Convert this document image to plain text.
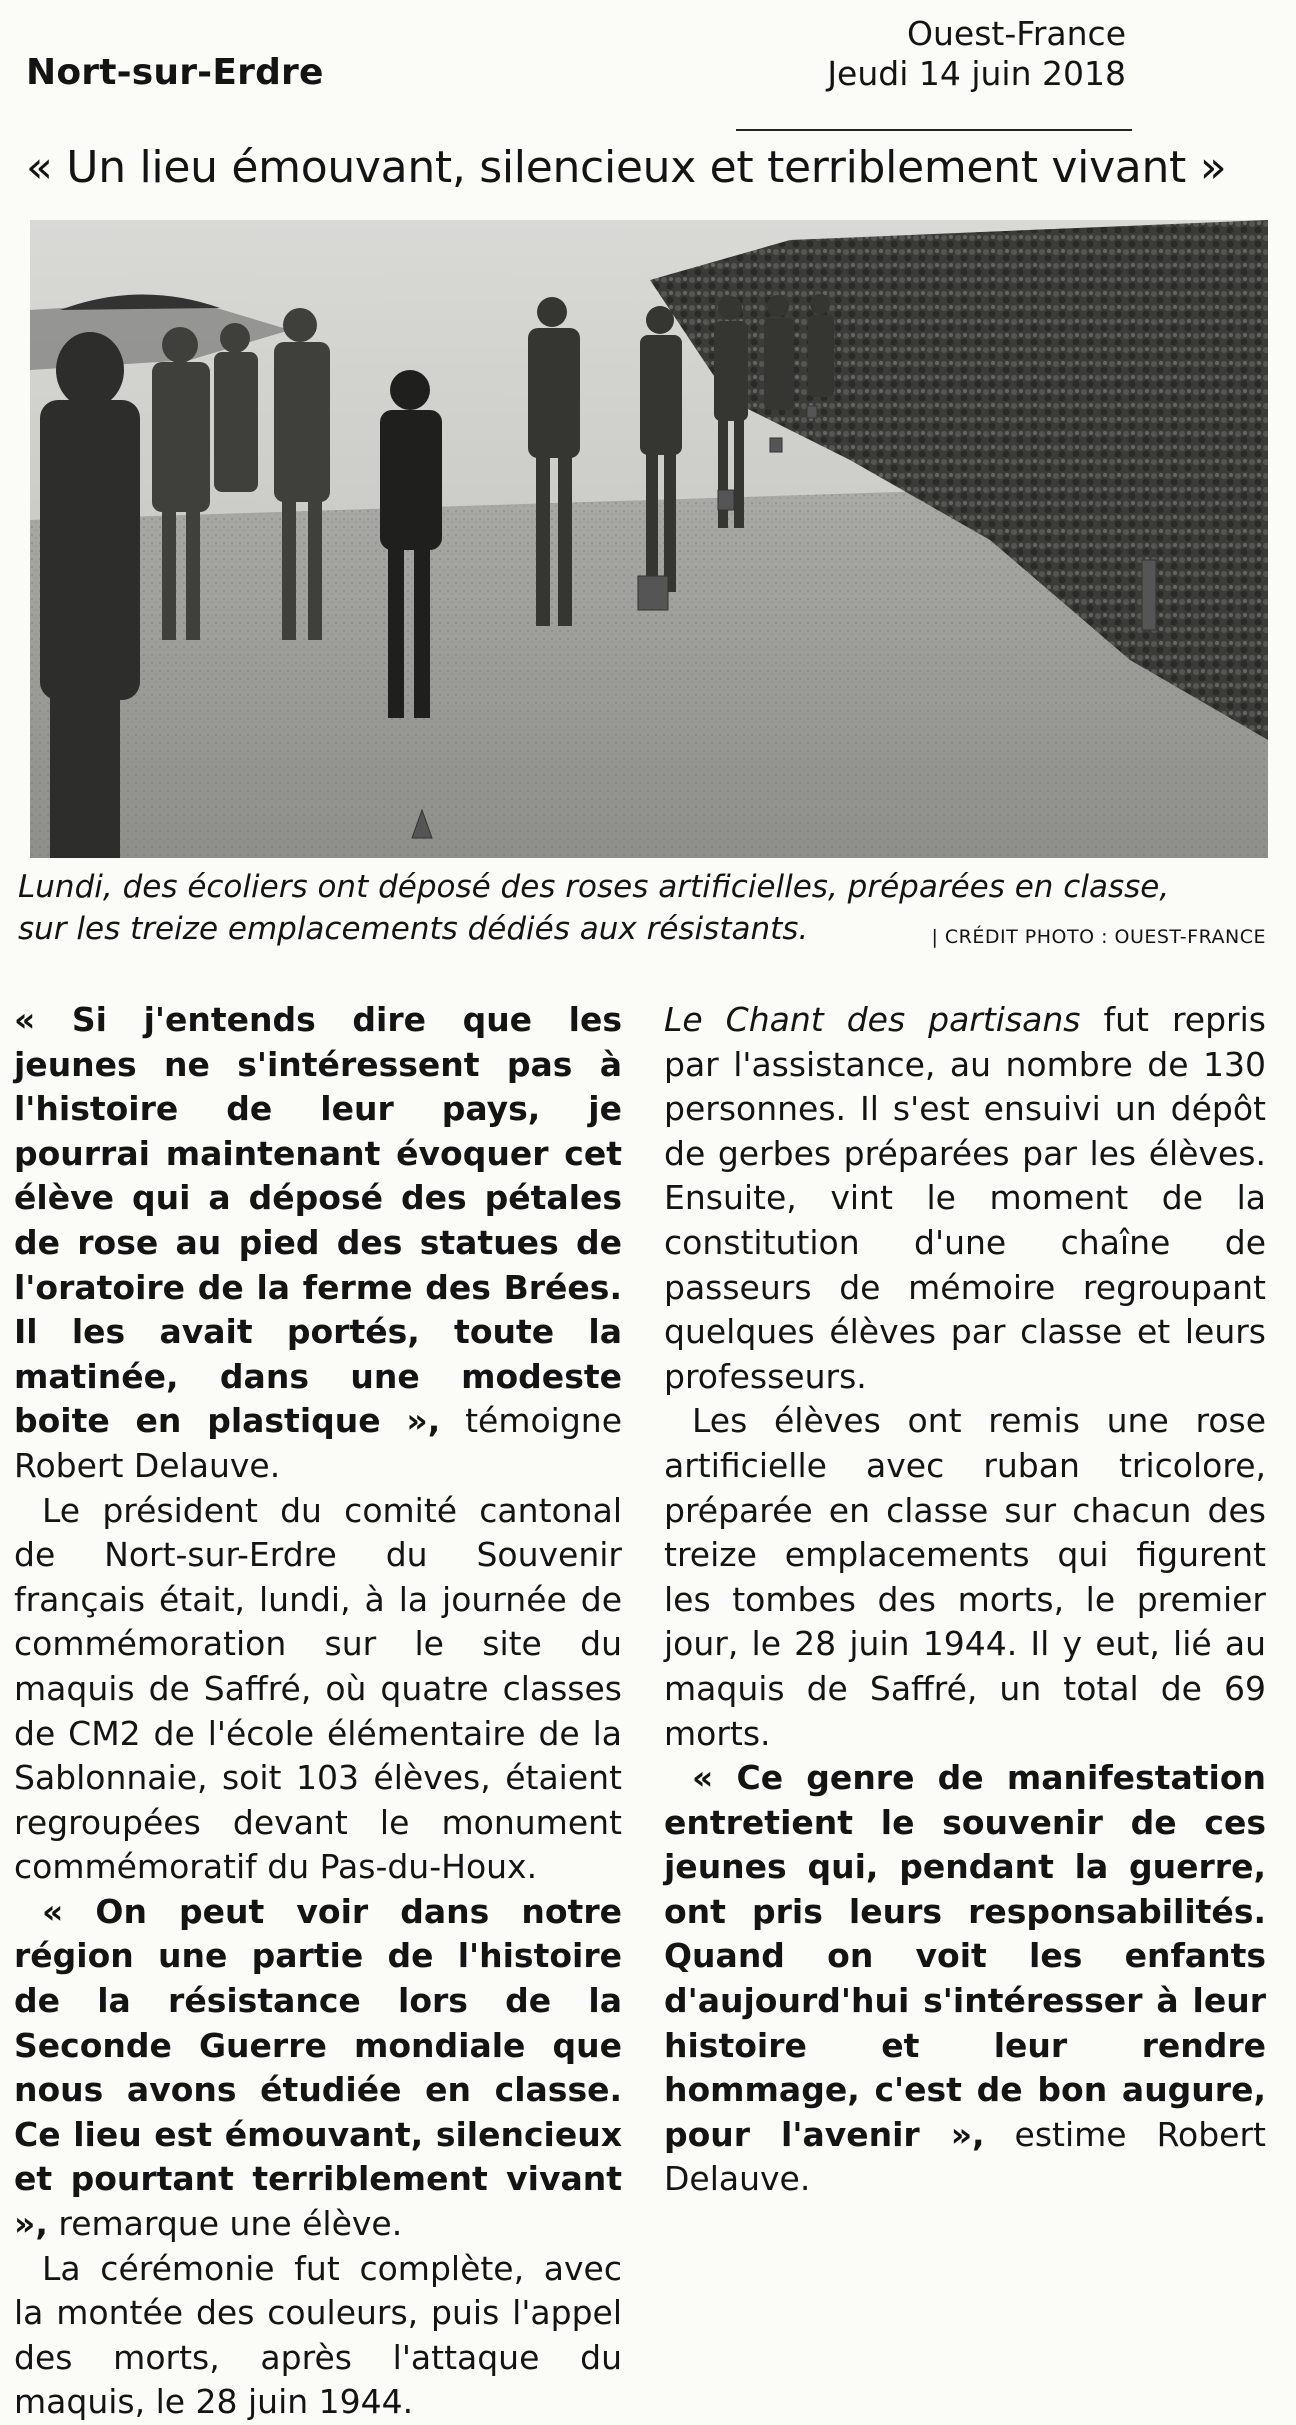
Nort-sur-Erdre
Ouest-France
Jeudi 14 juin 2018
« Un lieu émouvant, silencieux et terriblement vivant »
Lundi, des écoliers ont déposé des roses artificielles, préparées en classe,
sur les treize emplacements dédiés aux résistants.	| CRÉDIT PHOTO : OUEST-FRANCE

« Si j'entends dire que les jeunes ne s'intéressent pas à l'histoire de leur pays, je pourrai maintenant évoquer cet élève qui a déposé des pétales de rose au pied des statues de l'oratoire de la ferme des Brées. Il les avait portés, toute la matinée, dans une modeste boite en plastique », témoigne Robert Delauve.

Le président du comité cantonal de Nort-sur-Erdre du Souvenir français était, lundi, à la journée de commémoration sur le site du maquis de Saffré, où quatre classes de CM2 de l'école élémentaire de la Sablonnaie, soit 103 élèves, étaient regroupées devant le monument commémoratif du Pas-du-Houx.

« On peut voir dans notre région une partie de l'histoire de la résistance lors de la Seconde Guerre mondiale que nous avons étudiée en classe. Ce lieu est émouvant, silencieux et pourtant terriblement vivant », remarque une élève.

La cérémonie fut complète, avec la montée des couleurs, puis l'appel des morts, après l'attaque du maquis, le 28 juin 1944.

Le Chant des partisans fut repris par l'assistance, au nombre de 130 personnes. Il s'est ensuivi un dépôt de gerbes préparées par les élèves. Ensuite, vint le moment de la constitution d'une chaîne de passeurs de mémoire regroupant quelques élèves par classe et leurs professeurs.

Les élèves ont remis une rose artificielle avec ruban tricolore, préparée en classe sur chacun des treize emplacements qui figurent les tombes des morts, le premier jour, le 28 juin 1944. Il y eut, lié au maquis de Saffré, un total de 69 morts.

« Ce genre de manifestation entretient le souvenir de ces jeunes qui, pendant la guerre, ont pris leurs responsabilités. Quand on voit les enfants d'aujourd'hui s'intéresser à leur histoire et leur rendre hommage, c'est de bon augure, pour l'avenir », estime Robert Delauve.
